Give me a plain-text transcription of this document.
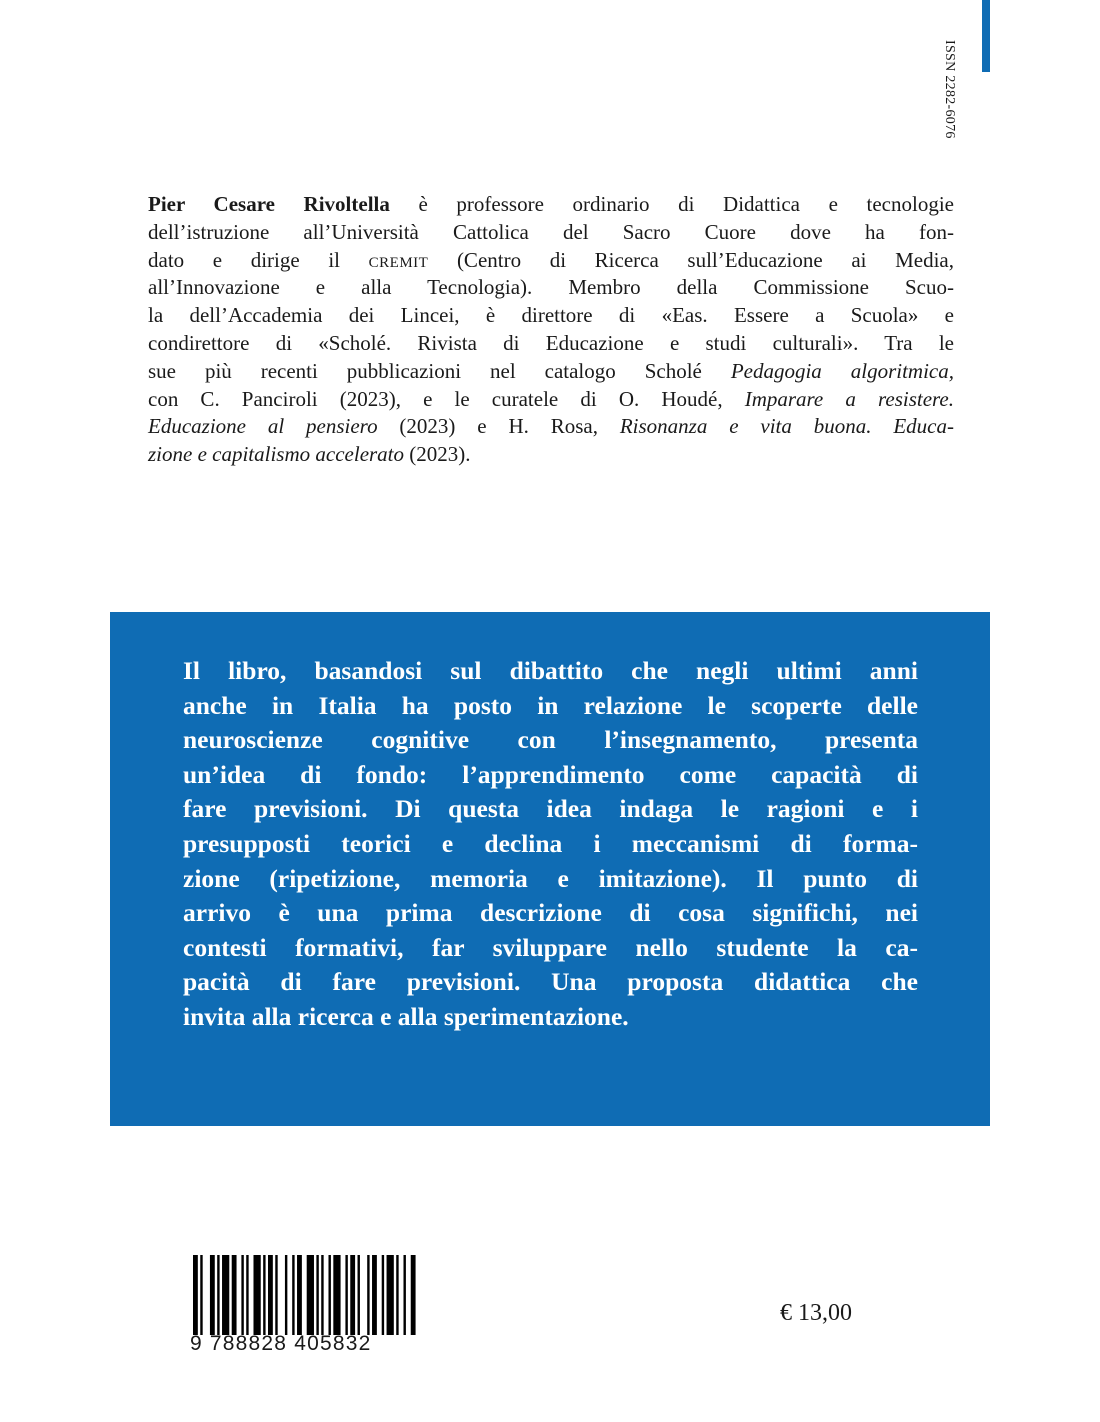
ISSN 2282-6076
Pier Cesare Rivoltella è professore ordinario di Didattica e tecnologie
dell’istruzione all’Università Cattolica del Sacro Cuore dove ha fon-
dato e dirige il cremit (Centro di Ricerca sull’Educazione ai Media,
all’Innovazione e alla Tecnologia). Membro della Commissione Scuo-
la dell’Accademia dei Lincei, è direttore di «Eas. Essere a Scuola» e
condirettore di «Scholé. Rivista di Educazione e studi culturali». Tra le
sue più recenti pubblicazioni nel catalogo Scholé Pedagogia algoritmica,
con C. Panciroli (2023), e le curatele di O. Houdé, Imparare a resistere.
Educazione al pensiero (2023) e H. Rosa, Risonanza e vita buona. Educa-
zione e capitalismo accelerato (2023).
Il libro, basandosi sul dibattito che negli ultimi anni
anche in Italia ha posto in relazione le scoperte delle
neuroscienze cognitive con l’insegnamento, presenta
un’idea di fondo: l’apprendimento come capacità di
fare previsioni. Di questa idea indaga le ragioni e i
presupposti teorici e declina i meccanismi di forma-
zione (ripetizione, memoria e imitazione). Il punto di
arrivo è una prima descrizione di cosa significhi, nei
contesti formativi, far sviluppare nello studente la ca-
pacità di fare previsioni. Una proposta didattica che
invita alla ricerca e alla sperimentazione.
9 788828 405832
€ 13,00
